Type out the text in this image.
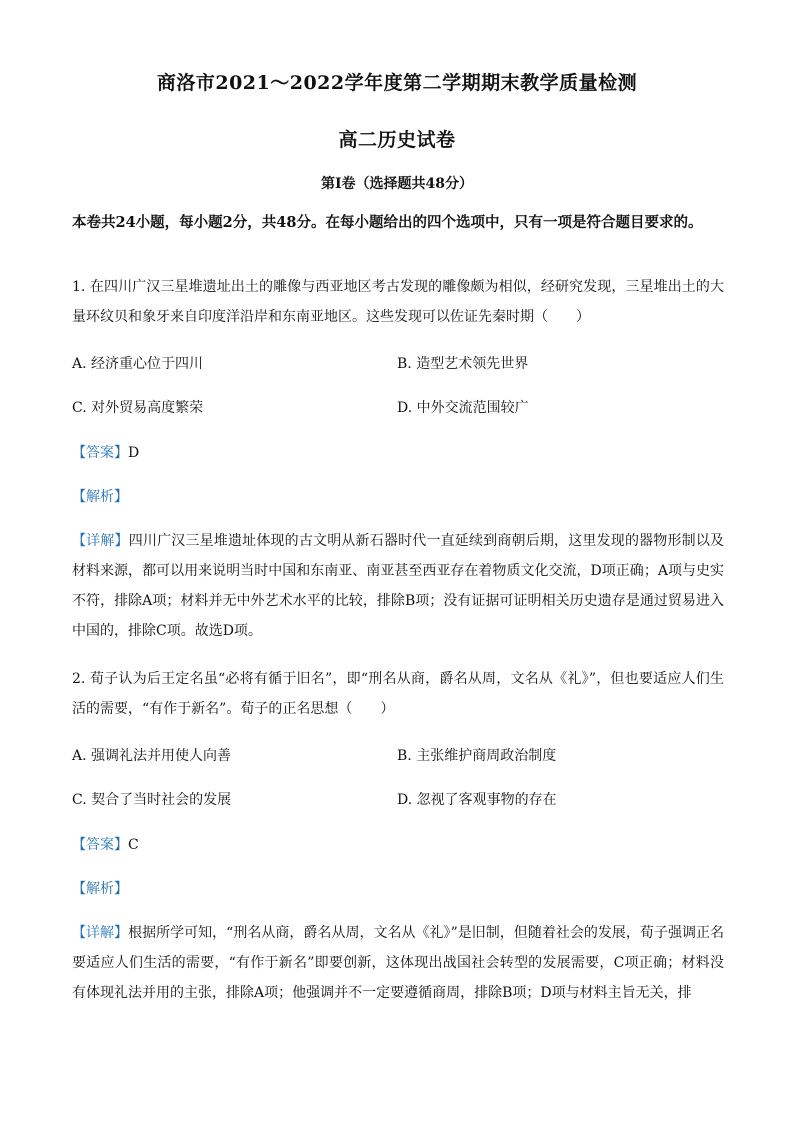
商洛市2021～2022学年度第二学期期末教学质量检测
高二历史试卷
第Ⅰ卷（选择题共48分）
本卷共24小题，每小题2分，共48分。在每小题给出的四个选项中，只有一项是符合题目要求的。
1. 在四川广汉三星堆遗址出土的雕像与西亚地区考古发现的雕像颇为相似，经研究发现，三星堆出土的大量环纹贝和象牙来自印度洋沿岸和东南亚地区。这些发现可以佐证先秦时期（　　）
A. 经济重心位于四川	B. 造型艺术领先世界
C. 对外贸易高度繁荣	D. 中外交流范围较广
【答案】D
【解析】
【详解】四川广汉三星堆遗址体现的古文明从新石器时代一直延续到商朝后期，这里发现的器物形制以及材料来源，都可以用来说明当时中国和东南亚、南亚甚至西亚存在着物质文化交流，D项正确；A项与史实不符，排除A项；材料并无中外艺术水平的比较，排除B项；没有证据可证明相关历史遗存是通过贸易进入中国的，排除C项。故选D项。
2. 荀子认为后王定名虽“必将有循于旧名”，即“刑名从商，爵名从周，文名从《礼》”，但也要适应人们生活的需要，“有作于新名”。荀子的正名思想（　　）
A. 强调礼法并用使人向善	B. 主张维护商周政治制度
C. 契合了当时社会的发展	D. 忽视了客观事物的存在
【答案】C
【解析】
【详解】根据所学可知，“刑名从商，爵名从周，文名从《礼》”是旧制，但随着社会的发展，荀子强调正名要适应人们生活的需要，“有作于新名”即要创新，这体现出战国社会转型的发展需要，C项正确；材料没有体现礼法并用的主张，排除A项；他强调并不一定要遵循商周，排除B项；D项与材料主旨无关，排
